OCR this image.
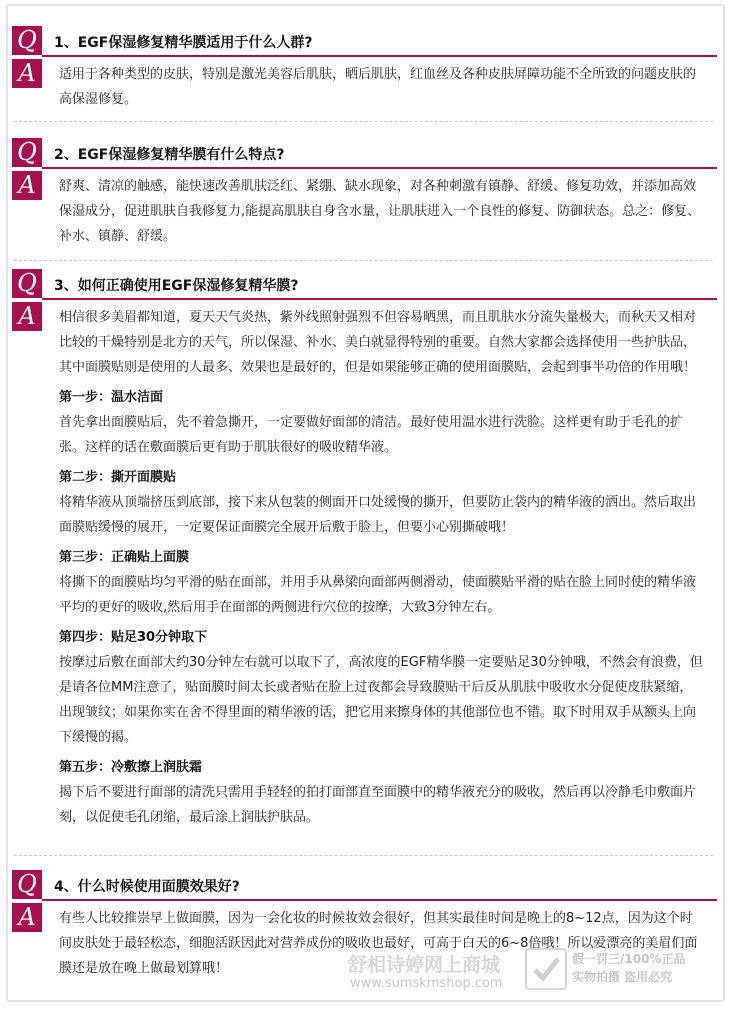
Q	1、EGF保湿修复精华膜适用于什么人群?
A	适用于各种类型的皮肤，特别是激光美容后肌肤，晒后肌肤，红血丝及各种皮肤屏障功能不全所致的问题皮肤的高保湿修复。

Q	2、EGF保湿修复精华膜有什么特点?
A	舒爽、清凉的触感，能快速改善肌肤泛红、紧绷、缺水现象，对各种刺激有镇静、舒缓、修复功效，并添加高效保湿成分，促进肌肤自我修复力,能提高肌肤自身含水量，让肌肤进入一个良性的修复、防御状态。总之：修复、补水、镇静、舒缓。

Q	3、如何正确使用EGF保湿修复精华膜?
A	相信很多美眉都知道，夏天天气炎热，紫外线照射强烈不但容易晒黑，而且肌肤水分流失量极大，而秋天又相对比较的干燥特别是北方的天气，所以保湿、补水、美白就显得特别的重要。自然大家都会选择使用一些护肤品，其中面膜贴则是使用的人最多、效果也是最好的，但是如果能够正确的使用面膜贴，会起到事半功倍的作用哦！

第一步：温水洁面

首先拿出面膜贴后，先不着急撕开，一定要做好面部的清洁。最好使用温水进行洗脸。这样更有助于毛孔的扩张。这样的话在敷面膜后更有助于肌肤很好的吸收精华液。

第二步：撕开面膜贴

将精华液从顶端挤压到底部，接下来从包装的侧面开口处缓慢的撕开，但要防止袋内的精华液的洒出。然后取出面膜贴缓慢的展开，一定要保证面膜完全展开后敷于脸上，但要小心别撕破哦！

第三步：正确贴上面膜

将撕下的面膜贴均匀平滑的贴在面部，并用手从鼻梁向面部两侧滑动，使面膜贴平滑的贴在脸上同时使的精华液平均的更好的吸收,然后用手在面部的两侧进行穴位的按摩，大致3分钟左右。

第四步：贴足30分钟取下

按摩过后敷在面部大约30分钟左右就可以取下了，高浓度的EGF精华膜一定要贴足30分钟哦，不然会有浪费，但是请各位MM注意了，贴面膜时间太长或者贴在脸上过夜都会导致膜贴干后反从肌肤中吸收水分促使皮肤紧缩，出现皱纹；如果你实在舍不得里面的精华液的话，把它用来擦身体的其他部位也不错。取下时用双手从额头上向下缓慢的揭。

第五步：冷敷擦上润肤霜

揭下后不要进行面部的清洗只需用手轻轻的拍打面部直至面膜中的精华液充分的吸收，然后再以冷静毛巾敷面片刻，以促使毛孔闭缩，最后涂上润肤护肤品。

Q	4、什么时候使用面膜效果好?
A	有些人比较推崇早上做面膜，因为一会化妆的时候妆效会很好，但其实最佳时间是晚上的8~12点，因为这个时间皮肤处于最轻松态，细胞活跃因此对营养成份的吸收也最好，可高于白天的6~8倍哦！所以爱漂亮的美眉们面膜还是放在晚上做最划算哦！	舒相诗婷网上商城
www.sumskmshop.com
假一罚三/100%正品
实物拍摄 盗用必究
